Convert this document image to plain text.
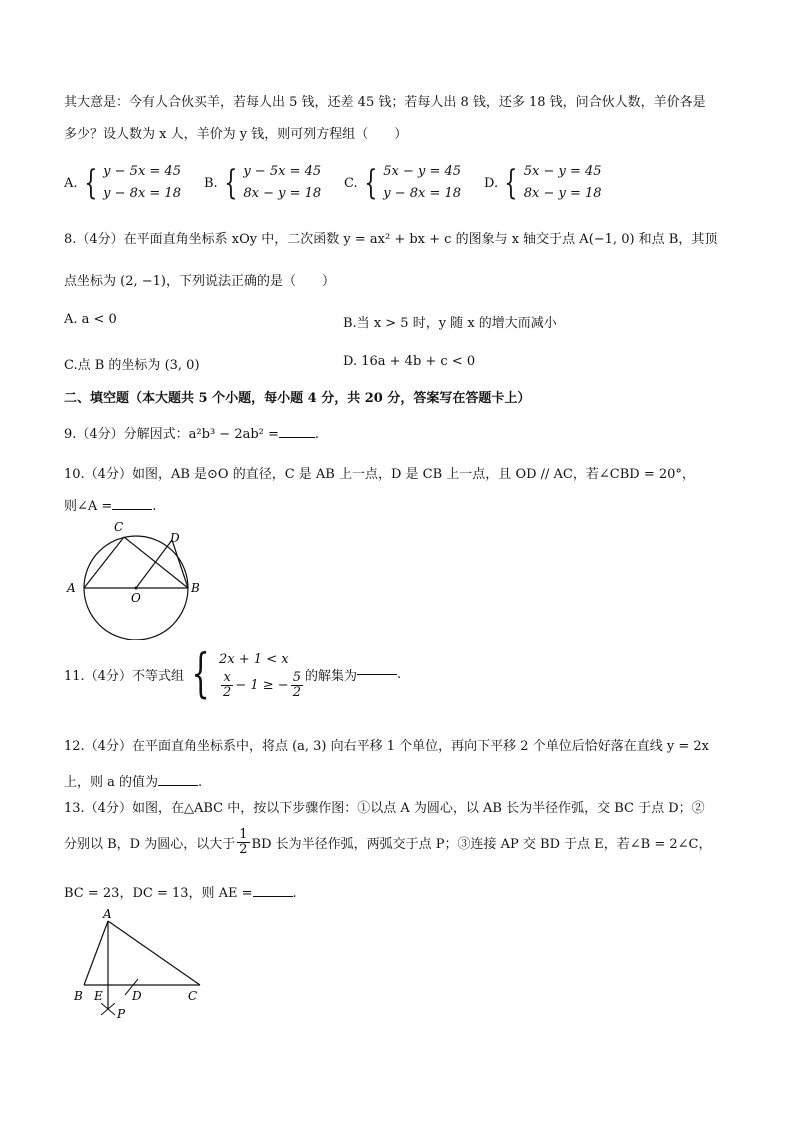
其大意是：今有人合伙买羊，若每人出 5 钱，还差 45 钱；若每人出 8 钱，还多 18 钱，问合伙人数，羊价各是
多少？设人数为 x 人，羊价为 y 钱，则可列方程组（　　）
A. { y − 5x = 45
y − 8x = 18
B. { y − 5x = 45
8x − y = 18
C. { 5x − y = 45
y − 8x = 18
D. { 5x − y = 45
8x − y = 18
8.（4分）在平面直角坐标系 xOy 中，二次函数 y = ax² + bx + c 的图象与 x 轴交于点 A(−1, 0) 和点 B，其顶
点坐标为 (2, −1)，下列说法正确的是（　　）
A. a < 0	B.当 x > 5 时，y 随 x 的增大而减小
C.点 B 的坐标为 (3, 0)	D. 16a + 4b + c < 0
二、填空题（本大题共 5 个小题，每小题 4 分，共 20 分，答案写在答题卡上）
9.（4分）分解因式：a²b³ − 2ab² =	.
10.（4分）如图，AB 是⊙O 的直径，C 是 AB 上一点，D 是 CB 上一点，且 OD // AC，若∠CBD = 20°，
则∠A =	.
A	B
C
D
O
11.（4分）不等式组 { 2x + 1 < x
$\frac{x}{2} - 1$ ≥ − $\frac{5}{2}$ 的解集为	.
12.（4分）在平面直角坐标系中，将点 (a, 3) 向右平移 1 个单位，再向下平移 2 个单位后恰好落在直线 y = 2x
上，则 a 的值为	.
13.（4分）如图，在△ABC 中，按以下步骤作图：①以点 A 为圆心，以 AB 长为半径作弧，交 BC 于点 D；②
分别以 B，D 为圆心，以大于 $\frac{1}{2}$ BD 长为半径作弧，两弧交于点 P；③连接 AP 交 BD 于点 E，若∠B = 2∠C，
BC = 23，DC = 13，则 AE =	.
A
B E D	C
P
